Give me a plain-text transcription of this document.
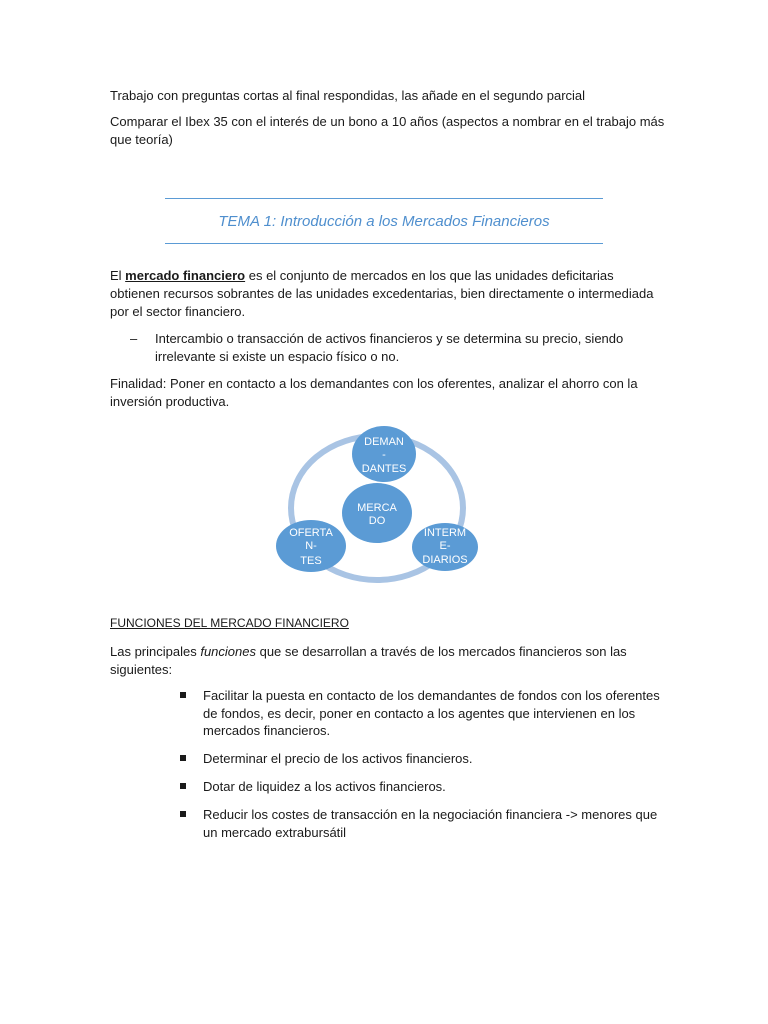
Trabajo con preguntas cortas al final respondidas, las añade en el segundo parcial

Comparar el Ibex 35 con el interés de un bono a 10 años (aspectos a nombrar en el trabajo más que teoría)

TEMA 1: Introducción a los Mercados Financieros

El mercado financiero es el conjunto de mercados en los que las unidades deficitarias obtienen recursos sobrantes de las unidades excedentarias, bien directamente o intermediada por el sector financiero.

– Intercambio o transacción de activos financieros y se determina su precio, siendo irrelevante si existe un espacio físico o no.

Finalidad: Poner en contacto a los demandantes con los oferentes, analizar el ahorro con la inversión productiva.

MERCA
DO
DEMAN
-
DANTES
OFERTA
N-
TES
INTERM
E-
DIARIOS
FUNCIONES DEL MERCADO FINANCIERO

Las principales funciones que se desarrollan a través de los mercados financieros son las siguientes:

Facilitar la puesta en contacto de los demandantes de fondos con los oferentes de fondos, es decir, poner en contacto a los agentes que intervienen en los mercados financieros.

Determinar el precio de los activos financieros.

Dotar de liquidez a los activos financieros.

Reducir los costes de transacción en la negociación financiera -> menores que un mercado extrabursátil
